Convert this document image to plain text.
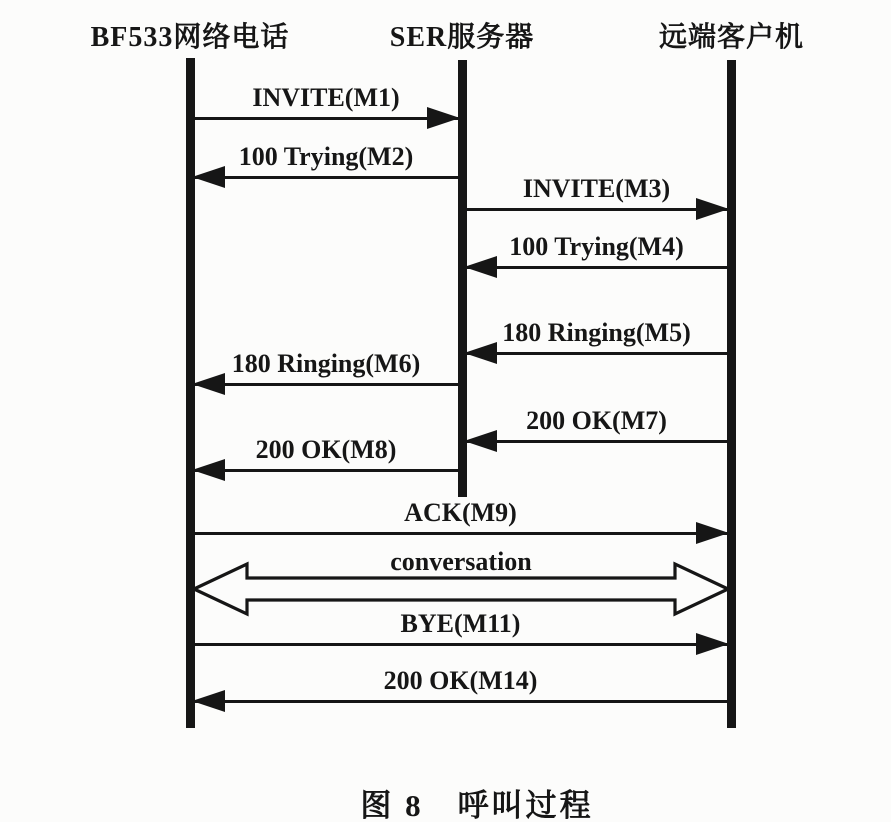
BF533网络电话	SER服务器	远端客户机
INVITE(M1)
100 Trying(M2)
INVITE(M3)
100 Trying(M4)
180 Ringing(M5)
180 Ringing(M6)
200 OK(M7)
200 OK(M8)
ACK(M9)
conversation
BYE(M11)
200 OK(M14)
图 8　呼叫过程
